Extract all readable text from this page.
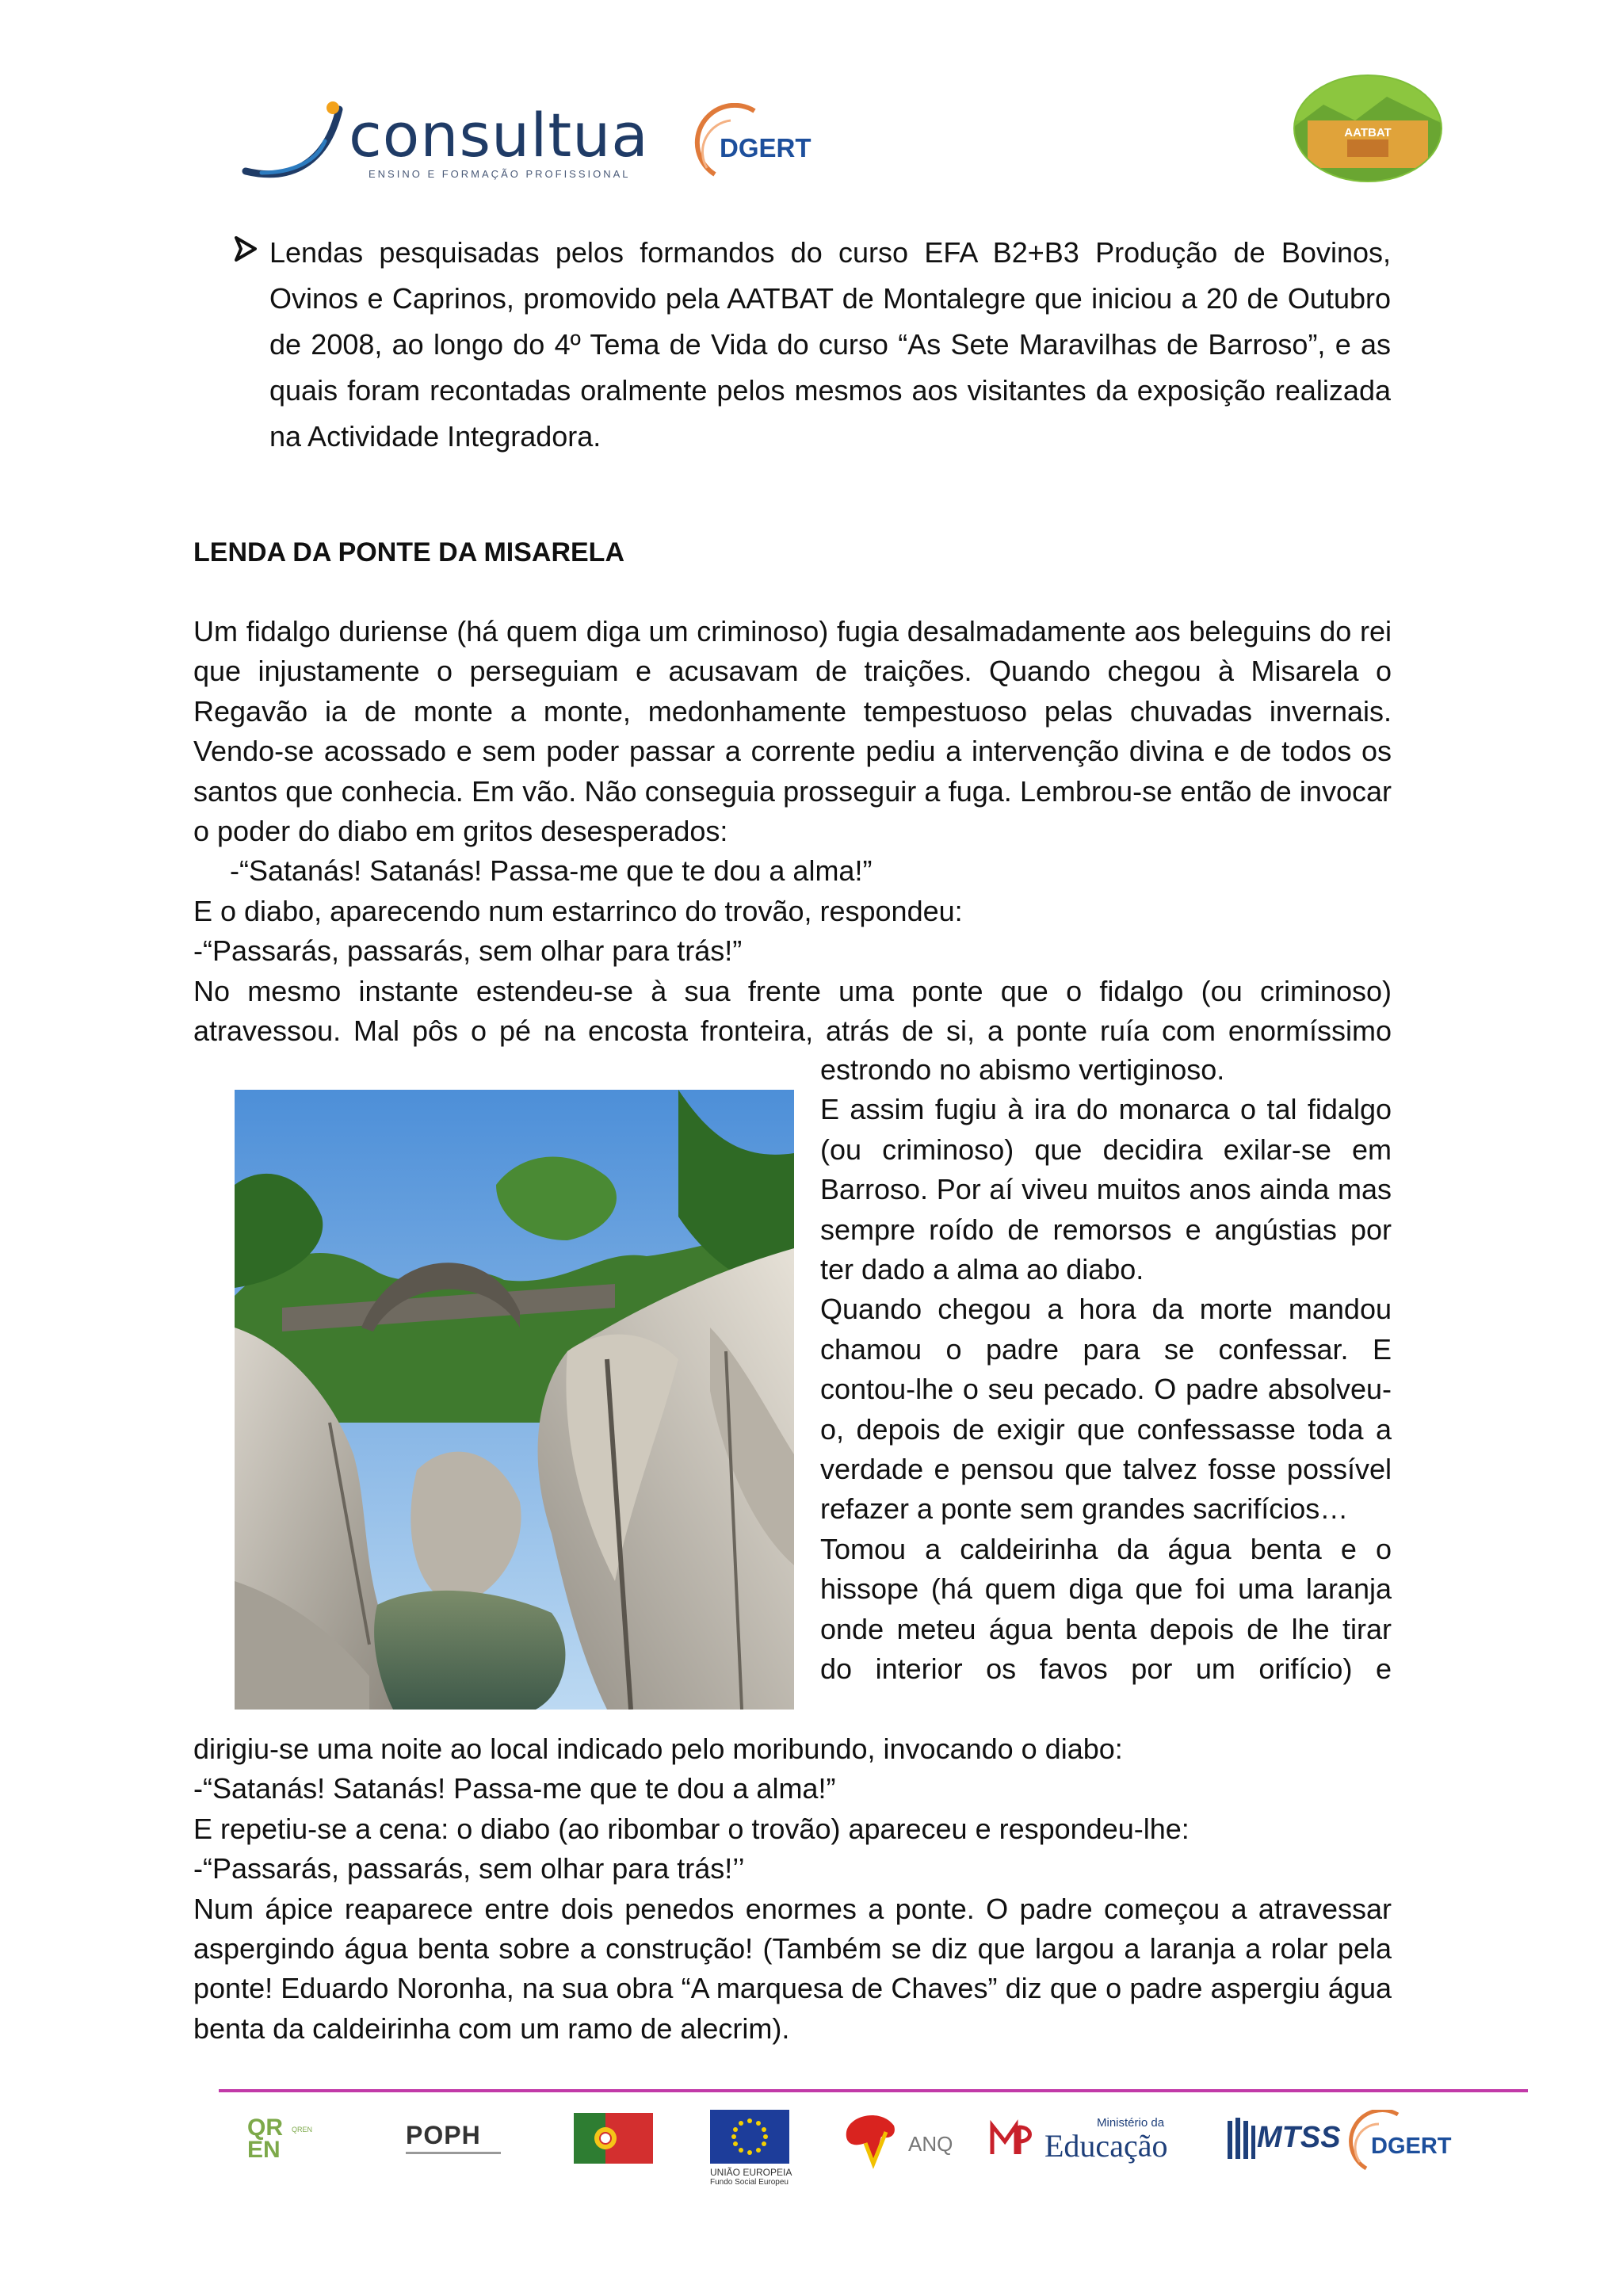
consultua
ENSINO E FORMAÇÃO PROFISSIONAL
DGERT
AATBAT
Lendas pesquisadas pelos formandos do curso EFA B2+B3 Produção de Bovinos, Ovinos e Caprinos, promovido pela AATBAT de Montalegre que iniciou a 20 de Outubro de 2008, ao longo do 4º Tema de Vida do curso “As Sete Maravilhas de Barroso”, e as quais foram recontadas oralmente pelos mesmos aos visitantes da exposição realizada na Actividade Integradora.
LENDA DA PONTE DA MISARELA

Um fidalgo duriense (há quem diga um criminoso) fugia desalmadamente aos beleguins do rei que injustamente o perseguiam e acusavam de traições. Quando chegou à Misarela o Regavão ia de monte a monte, medonhamente tempestuoso pelas chuvadas invernais. Vendo-se acossado e sem poder passar a corrente pediu a intervenção divina e de todos os santos que conhecia. Em vão. Não conseguia prosseguir a fuga. Lembrou-se então de invocar o poder do diabo em gritos desesperados:

-“Satanás! Satanás! Passa-me que te dou a alma!”

E o diabo, aparecendo num estarrinco do trovão, respondeu:

-“Passarás, passarás, sem olhar para trás!”

No mesmo instante estendeu-se à sua frente uma ponte que o fidalgo (ou criminoso) atravessou. Mal pôs o pé na encosta fronteira, atrás de si, a ponte ruía com enormíssimo

estrondo no abismo vertiginoso.

E assim fugiu à ira do monarca o tal fidalgo (ou criminoso) que decidira exilar-se em Barroso. Por aí viveu muitos anos ainda mas sempre roído de remorsos e angústias por ter dado a alma ao diabo.

Quando chegou a hora da morte mandou chamou o padre para se confessar. E contou-lhe o seu pecado. O padre absolveu-o, depois de exigir que confessasse toda a verdade e pensou que talvez fosse possível refazer a ponte sem grandes sacrifícios…

Tomou a caldeirinha da água benta e o hissope (há quem diga que foi uma laranja onde meteu água benta depois de lhe tirar do interior os favos por um orifício) e

dirigiu-se uma noite ao local indicado pelo moribundo, invocando o diabo:

-“Satanás! Satanás! Passa-me que te dou a alma!”

E repetiu-se a cena: o diabo (ao ribombar o trovão) apareceu e respondeu-lhe:

-“Passarás, passarás, sem olhar para trás!’’

Num ápice reaparece entre dois penedos enormes a ponte. O padre começou a atravessar aspergindo água benta sobre a construção! (Também se diz que largou a laranja a rolar pela ponte! Eduardo Noronha, na sua obra “A marquesa de Chaves” diz que o padre aspergiu água benta da caldeirinha com um ramo de alecrim).

QR
EN
QREN	POPH
UNIÃO EUROPEIA
Fundo Social Europeu
ANQ
Ministério da
Educação	MTSS DGERT
